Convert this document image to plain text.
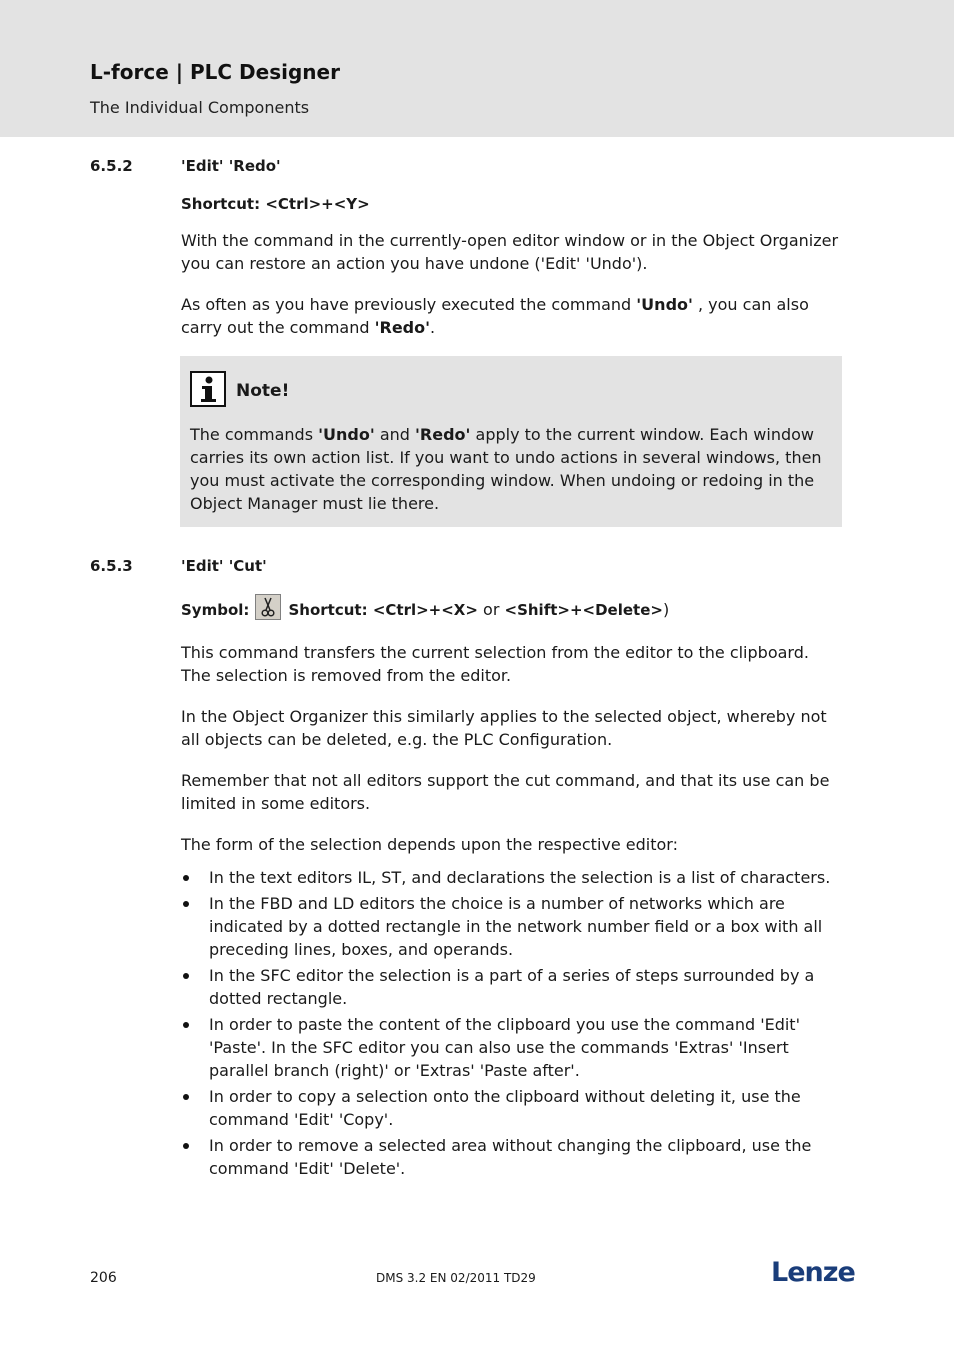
L-force | PLC Designer
The Individual Components
6.5.2	'Edit' 'Redo'
Shortcut: <Ctrl>+<Y>
With the command in the currently-open editor window or in the Object Organizer you can restore an action you have undone ('Edit' 'Undo').
As often as you have previously executed the command 'Undo' , you can also carry out the command 'Redo'.
Note!
The commands 'Undo' and 'Redo' apply to the current window. Each window carries its own action list. If you want to undo actions in several windows, then you must activate the corresponding window. When undoing or redoing in the Object Manager must lie there.
6.5.3	'Edit' 'Cut'
Symbol:	Shortcut: <Ctrl>+<X> or <Shift>+<Delete>)
This command transfers the current selection from the editor to the clipboard. The selection is removed from the editor.
In the Object Organizer this similarly applies to the selected object, whereby not all objects can be deleted, e.g. the PLC Configuration.
Remember that not all editors support the cut command, and that its use can be limited in some editors.
The form of the selection depends upon the respective editor:
In the text editors IL, ST, and declarations the selection is a list of characters.
In the FBD and LD editors the choice is a number of networks which are indicated by a dotted rectangle in the network number field or a box with all preceding lines, boxes, and operands.
In the SFC editor the selection is a part of a series of steps surrounded by a dotted rectangle.
In order to paste the content of the clipboard you use the command 'Edit' 'Paste'. In the SFC editor you can also use the commands 'Extras' 'Insert parallel branch (right)' or 'Extras' 'Paste after'.
In order to copy a selection onto the clipboard without deleting it, use the command 'Edit' 'Copy'.
In order to remove a selected area without changing the clipboard, use the command 'Edit' 'Delete'.
206	DMS 3.2 EN 02/2011 TD29	Lenze
